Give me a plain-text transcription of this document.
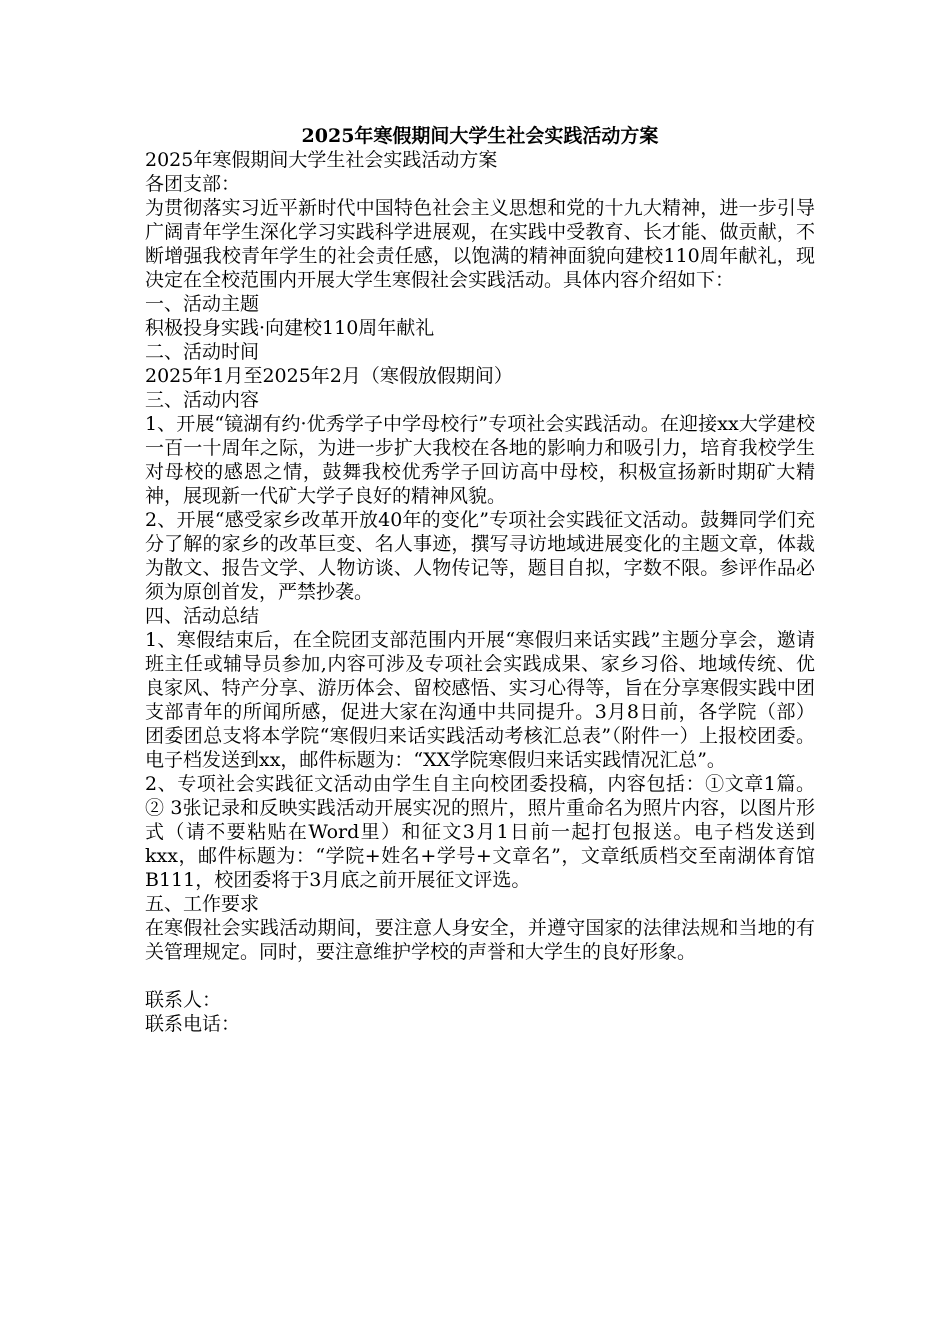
2025年寒假期间大学生社会实践活动方案

2025年寒假期间大学生社会实践活动方案

各团支部：

为贯彻落实习近平新时代中国特色社会主义思想和党的十九大精神，进一步引导广阔青年学生深化学习实践科学进展观，在实践中受教育、长才能、做贡献，不断增强我校青年学生的社会责任感，以饱满的精神面貌向建校110周年献礼，现决定在全校范围内开展大学生寒假社会实践活动。具体内容介绍如下：

一、活动主题

积极投身实践·向建校110周年献礼

二、活动时间

2025年1月至2025年2月（寒假放假期间）

三、活动内容

1、开展“镜湖有约·优秀学子中学母校行”专项社会实践活动。在迎接xx大学建校一百一十周年之际，为进一步扩大我校在各地的影响力和吸引力，培育我校学生对母校的感恩之情，鼓舞我校优秀学子回访高中母校，积极宣扬新时期矿大精神，展现新一代矿大学子良好的精神风貌。

2、开展“感受家乡改革开放40年的变化”专项社会实践征文活动。鼓舞同学们充分了解的家乡的改革巨变、名人事迹，撰写寻访地域进展变化的主题文章，体裁为散文、报告文学、人物访谈、人物传记等，题目自拟，字数不限。参评作品必须为原创首发，严禁抄袭。

四、活动总结

1、寒假结束后，在全院团支部范围内开展“寒假归来话实践”主题分享会，邀请班主任或辅导员参加,内容可涉及专项社会实践成果、家乡习俗、地域传统、优良家风、特产分享、游历体会、留校感悟、实习心得等，旨在分享寒假实践中团支部青年的所闻所感，促进大家在沟通中共同提升。3月8日前，各学院（部）团委团总支将本学院“寒假归来话实践活动考核汇总表”（附件一）上报校团委。电子档发送到xx，邮件标题为：“XX学院寒假归来话实践情况汇总”。

2、专项社会实践征文活动由学生自主向校团委投稿，内容包括：①文章1篇。② 3张记录和反映实践活动开展实况的照片，照片重命名为照片内容，以图片形式（请不要粘贴在Word里）和征文3月1日前一起打包报送。电子档发送到kxx，邮件标题为：“学院+姓名+学号+文章名”，文章纸质档交至南湖体育馆B111，校团委将于3月底之前开展征文评选。

五、工作要求

在寒假社会实践活动期间，要注意人身安全，并遵守国家的法律法规和当地的有关管理规定。同时，要注意维护学校的声誉和大学生的良好形象。

联系人：

联系电话：
